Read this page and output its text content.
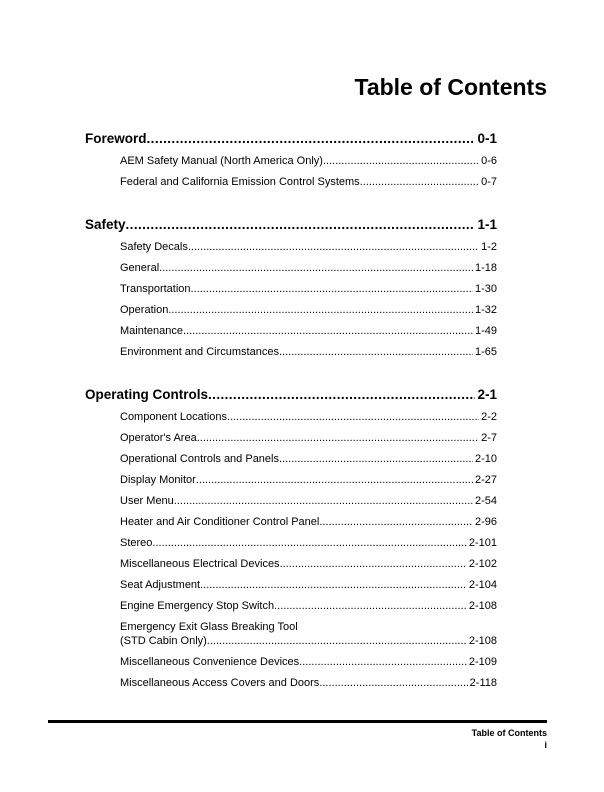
Table of Contents
Foreword .....	0-1
AEM Safety Manual (North America Only) .....	0-6
Federal and California Emission Control Systems .....	0-7
Safety .....	1-1
Safety Decals .....	1-2
General .....	1-18
Transportation .....	1-30
Operation .....	1-32
Maintenance .....	1-49
Environment and Circumstances .....	1-65
Operating Controls .....	2-1
Component Locations .....	2-2
Operator's Area .....	2-7
Operational Controls and Panels .....	2-10
Display Monitor .....	2-27
User Menu .....	2-54
Heater and Air Conditioner Control Panel .....	2-96
Stereo .....	2-101
Miscellaneous Electrical Devices .....	2-102
Seat Adjustment .....	2-104
Engine Emergency Stop Switch .....	2-108
Emergency Exit Glass Breaking Tool
(STD Cabin Only) .....	2-108
Miscellaneous Convenience Devices .....	2-109
Miscellaneous Access Covers and Doors .....	2-118
Table of Contents
i
